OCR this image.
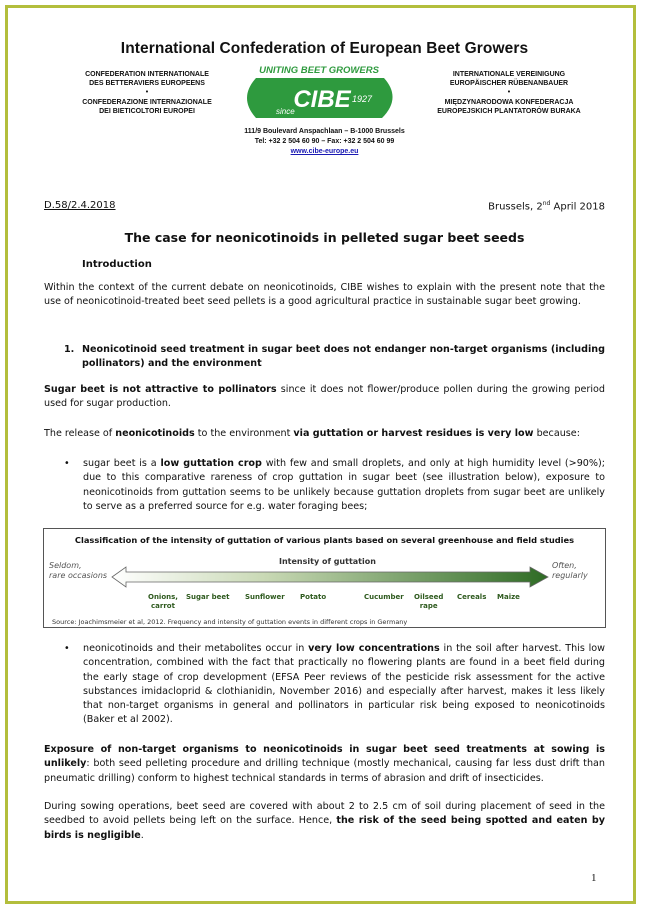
International Confederation of European Beet Growers
CONFEDERATION INTERNATIONALE
DES BETTERAVIERS EUROPEENS
•
CONFEDERAZIONE INTERNAZIONALE
DEI BIETICOLTORI EUROPEI
UNITING BEET GROWERS
CIBE
since
1927
INTERNATIONALE VEREINIGUNG
EUROPÄISCHER RÜBENANBAUER
•
MIĘDZYNARODOWA KONFEDERACJA
EUROPEJSKICH PLANTATORÓW BURAKA
111/9 Boulevard Anspachlaan – B-1000 Brussels
Tel: +32 2 504 60 90 – Fax: +32 2 504 60 99
www.cibe-europe.eu
D.58/2.4.2018	Brussels, 2nd April 2018
The case for neonicotinoids in pelleted sugar beet seeds
Introduction
Within the context of the current debate on neonicotinoids, CIBE wishes to explain with the present note that the use of neonicotinoid-treated beet seed pellets is a good agricultural practice in sustainable sugar beet growing.
1. Neonicotinoid seed treatment in sugar beet does not endanger non-target organisms (including pollinators) and the environment
Sugar beet is not attractive to pollinators since it does not flower/produce pollen during the growing period used for sugar production.
The release of neonicotinoids to the environment via guttation or harvest residues is very low because:
• sugar beet is a low guttation crop with few and small droplets, and only at high humidity level (>90%); due to this comparative rareness of crop guttation in sugar beet (see illustration below), exposure to neonicotinoids from guttation seems to be unlikely because guttation droplets from sugar beet are unlikely to serve as a preferred source for e.g. water foraging bees;
Classification of the intensity of guttation of various plants based on several greenhouse and field studies
Seldom,
rare occasions
Intensity of guttation	Often,
regularly
Onions,
carrot
Sugar beet Sunflower Potato	Cucumber Oilseed
rape
Cereals Maize
Source: Joachimsmeier et al, 2012. Frequency and intensity of guttation events in different crops in Germany
• neonicotinoids and their metabolites occur in very low concentrations in the soil after harvest. This low concentration, combined with the fact that practically no flowering plants are found in a beet field during the early stage of crop development (EFSA Peer reviews of the pesticide risk assessment for the active substances imidacloprid & clothianidin, November 2016) and especially after harvest, makes it less likely that non-target organisms in general and pollinators in particular risk being exposed to neonicotinoids (Baker et al 2002).
Exposure of non-target organisms to neonicotinoids in sugar beet seed treatments at sowing is unlikely: both seed pelleting procedure and drilling technique (mostly mechanical, causing far less dust drift than pneumatic drilling) conform to highest technical standards in terms of abrasion and drift of insecticides.
During sowing operations, beet seed are covered with about 2 to 2.5 cm of soil during placement of seed in the seedbed to avoid pellets being left on the surface. Hence, the risk of the seed being spotted and eaten by birds is negligible.
1
